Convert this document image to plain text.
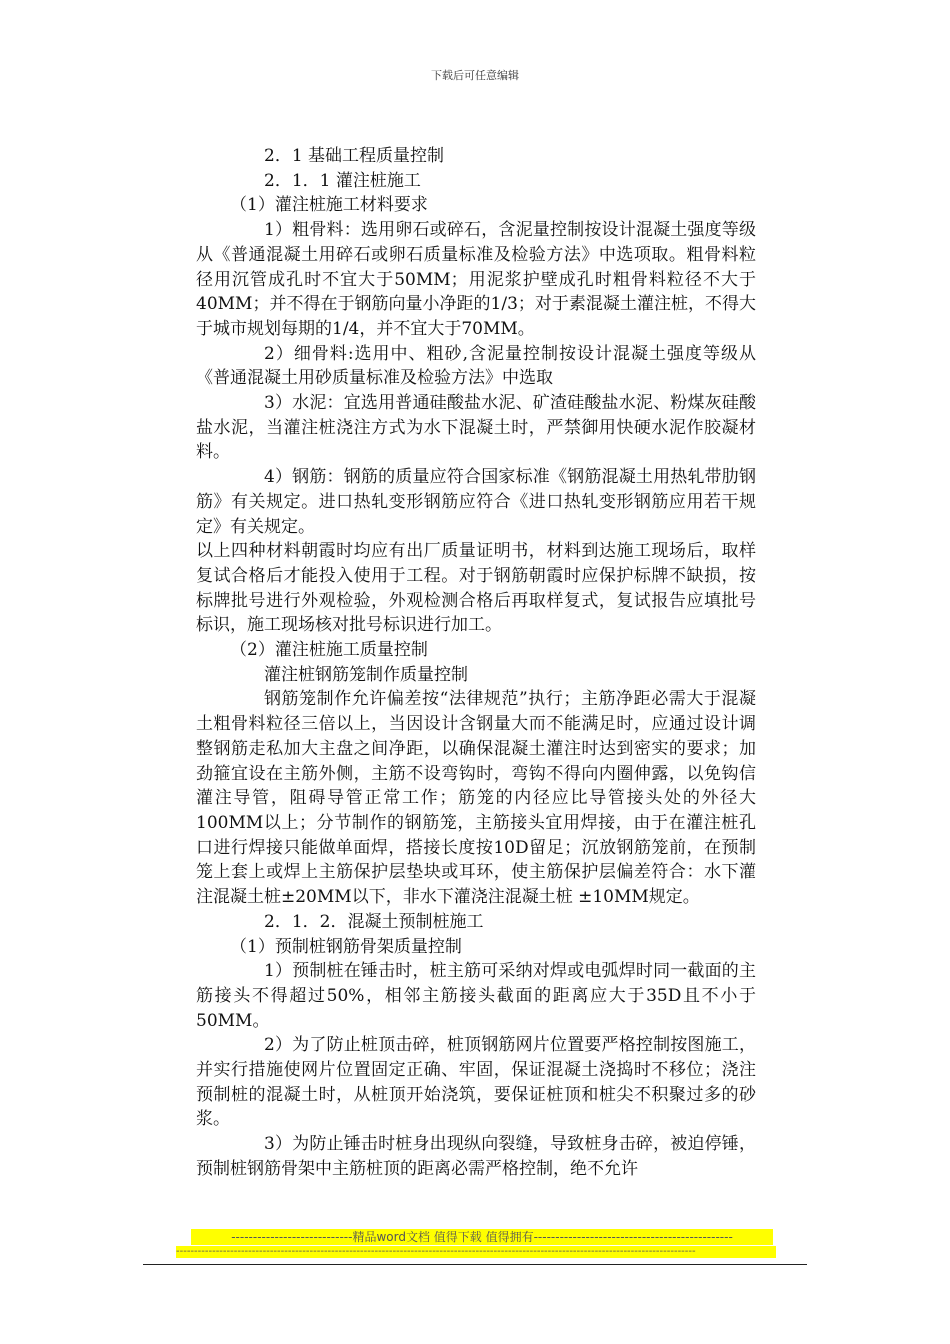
下载后可任意编辑

2．1 基础工程质量控制

2．1．1 灌注桩施工

（1）灌注桩施工材料要求

1）粗骨料：选用卵石或碎石，含泥量控制按设计混凝土强度等级从《普通混凝土用碎石或卵石质量标准及检验方法》中选项取。粗骨料粒径用沉管成孔时不宜大于50MM；用泥浆护壁成孔时粗骨料粒径不大于40MM；并不得在于钢筋向量小净距的1/3；对于素混凝土灌注桩，不得大于城市规划每期的1/4，并不宜大于70MM。

2）细骨料:选用中、粗砂,含泥量控制按设计混凝土强度等级从《普通混凝土用砂质量标准及检验方法》中选取

3）水泥：宜选用普通硅酸盐水泥、矿渣硅酸盐水泥、粉煤灰硅酸盐水泥，当灌注桩浇注方式为水下混凝土时，严禁御用快硬水泥作胶凝材料。

4）钢筋：钢筋的质量应符合国家标准《钢筋混凝土用热轧带肋钢筋》有关规定。进口热轧变形钢筋应符合《进口热轧变形钢筋应用若干规定》有关规定。

以上四种材料朝霞时均应有出厂质量证明书，材料到达施工现场后，取样复试合格后才能投入使用于工程。对于钢筋朝霞时应保护标牌不缺损，按标牌批号进行外观检验，外观检测合格后再取样复式，复试报告应填批号标识，施工现场核对批号标识进行加工。

（2）灌注桩施工质量控制

灌注桩钢筋笼制作质量控制

钢筋笼制作允许偏差按“法律规范”执行；主筋净距必需大于混凝土粗骨料粒径三倍以上，当因设计含钢量大而不能满足时，应通过设计调整钢筋走私加大主盘之间净距，以确保混凝土灌注时达到密实的要求；加劲箍宜设在主筋外侧，主筋不设弯钩时，弯钩不得向内圈伸露，以免钩信灌注导管，阻碍导管正常工作；筋笼的内径应比导管接头处的外径大100MM以上；分节制作的钢筋笼，主筋接头宜用焊接，由于在灌注桩孔口进行焊接只能做单面焊，搭接长度按10D留足；沉放钢筋笼前，在预制笼上套上或焊上主筋保护层垫块或耳环，使主筋保护层偏差符合：水下灌注混凝土桩±20MM以下，非水下灌浇注混凝土桩 ±10MM规定。

2．1．2．混凝土预制桩施工

（1）预制桩钢筋骨架质量控制

1）预制桩在锤击时，桩主筋可采纳对焊或电弧焊时同一截面的主筋接头不得超过50%，相邻主筋接头截面的距离应大于35D且不小于50MM。

2）为了防止桩顶击碎，桩顶钢筋网片位置要严格控制按图施工，并实行措施使网片位置固定正确、牢固，保证混凝土浇捣时不移位；浇注预制桩的混凝土时，从桩顶开始浇筑，要保证桩顶和桩尖不积聚过多的砂浆。

3）为防止锤击时桩身出现纵向裂缝，导致桩身击碎，被迫停锤，预制桩钢筋骨架中主筋桩顶的距离必需严格控制，绝不允许

----------------------------精品word文档 值得下载 值得拥有----------------------------------------------
------------------------------------------------------------------------------------------------------------------------------------------------
